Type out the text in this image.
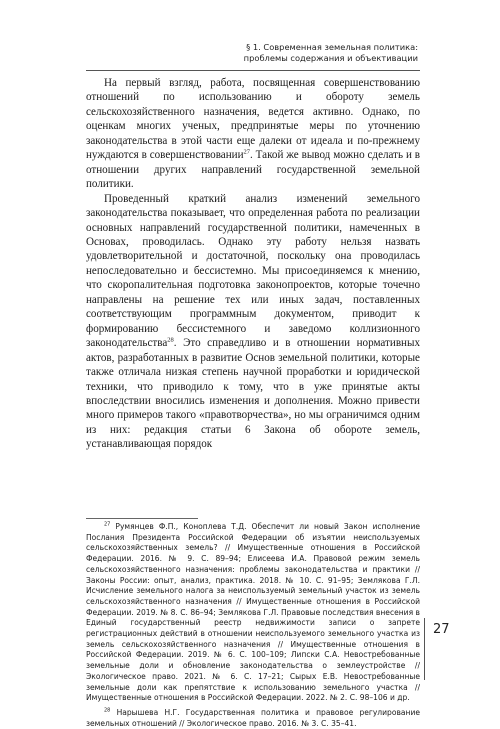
§ 1. Современная земельная политика:
проблемы содержания и объективации

На первый взгляд, работа, посвященная совершенствованию отношений по использованию и обороту земель сельскохозяйственного назначения, ведется активно. Однако, по оценкам многих ученых, предпринятые меры по уточнению законодательства в этой части еще далеки от идеала и по-прежнему нуждаются в совершенствовании$^{27}$. Такой же вывод можно сделать и в отношении других направлений государственной земельной политики.

Проведенный краткий анализ изменений земельного законодательства показывает, что определенная работа по реализации основных направлений государственной политики, намеченных в Основах, проводилась. Однако эту работу нельзя назвать удовлетворительной и достаточной, поскольку она проводилась непоследовательно и бессистемно. Мы присоединяемся к мнению, что скоропалительная подготовка законопроектов, которые точечно направлены на решение тех или иных задач, поставленных соответствующим программным документом, приводит к формированию бессистемного и заведомо коллизионного законодательства$^{28}$. Это справедливо и в отношении нормативных актов, разработанных в развитие Основ земельной политики, которые также отличала низкая степень научной проработки и юридической техники, что приводило к тому, что в уже принятые акты впоследствии вносились изменения и дополнения. Можно привести много примеров такого «правотворчества», но мы ограничимся одним из них: редакция статьи 6 Закона об обороте земель, устанавливающая порядок

$^{27}$ Румянцев Ф.П., Коноплева Т.Д. Обеспечит ли новый Закон исполнение Послания Президента Российской Федерации об изъятии неиспользуемых сельскохозяйственных земель? // Имущественные отношения в Российской Федерации. 2016. № 9. С. 89–94; Елисеева И.А. Правовой режим земель сельскохозяйственного назначения: проблемы законодательства и практики // Законы России: опыт, анализ, практика. 2018. № 10. С. 91–95; Землякова Г.Л. Исчисление земельного налога за неиспользуемый земельный участок из земель сельскохозяйственного назначения // Имущественные отношения в Российской Федерации. 2019. № 8. С. 86–94; Землякова Г.Л. Правовые последствия внесения в Единый государственный реестр недвижимости записи о запрете регистрационных действий в отношении неиспользуемого земельного участка из земель сельскохозяйственного назначения // Имущественные отношения в Российской Федерации. 2019. № 6. С. 100–109; Липски С.А. Невостребованные земельные доли и обновление законодательства о землеустройстве // Экологическое право. 2021. № 6. С. 17–21; Сырых Е.В. Невостребованные земельные доли как препятствие к использованию земельного участка // Имущественные отношения в Российской Федерации. 2022. № 2. С. 98–106 и др.

$^{28}$ Нарышева Н.Г. Государственная политика и правовое регулирование земельных отношений // Экологическое право. 2016. № 3. С. 35–41.

27
